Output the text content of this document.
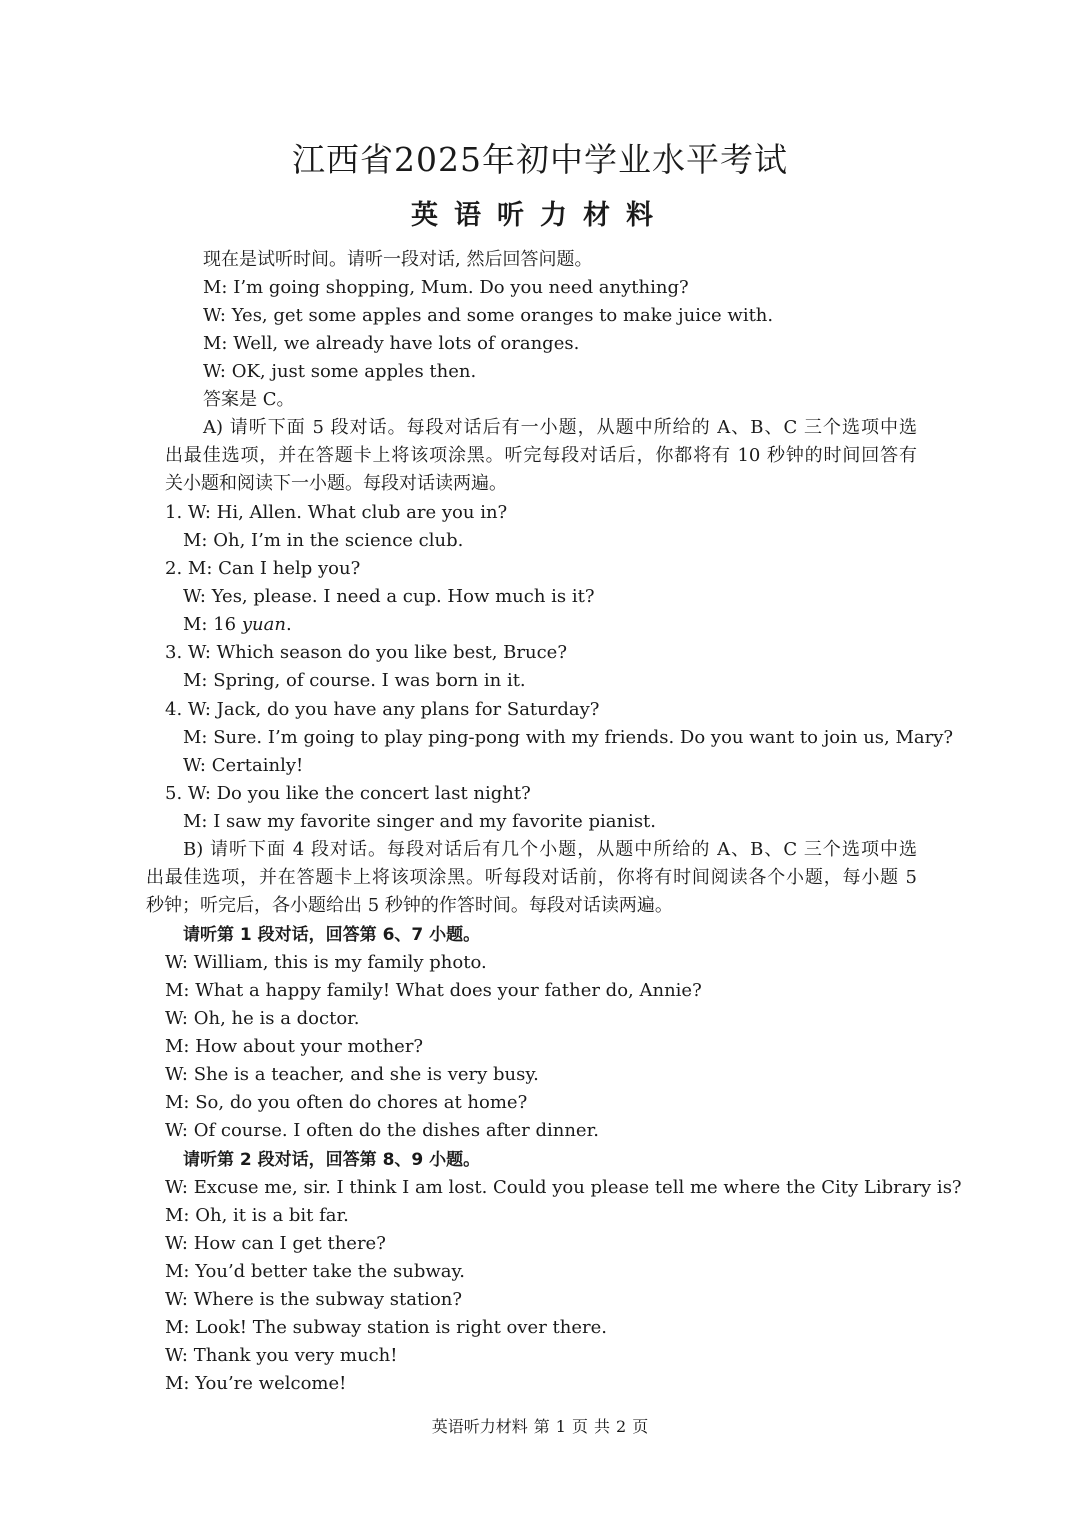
江西省2025年初中学业水平考试
英语听力材料
现在是试听时间。请听一段对话, 然后回答问题。
M: I’m going shopping, Mum. Do you need anything?
W: Yes, get some apples and some oranges to make juice with.
M: Well, we already have lots of oranges.
W: OK, just some apples then.
答案是 C。
A) 请听下面 5 段对话。每段对话后有一小题，从题中所给的 A、B、C 三个选项中选
出最佳选项，并在答题卡上将该项涂黑。听完每段对话后，你都将有 10 秒钟的时间回答有
关小题和阅读下一小题。每段对话读两遍。
1. W: Hi, Allen. What club are you in?
M: Oh, I’m in the science club.
2. M: Can I help you?
W: Yes, please. I need a cup. How much is it?
M: 16 yuan.
3. W: Which season do you like best, Bruce?
M: Spring, of course. I was born in it.
4. W: Jack, do you have any plans for Saturday?
M: Sure. I’m going to play ping-pong with my friends. Do you want to join us, Mary?
W: Certainly!
5. W: Do you like the concert last night?
M: I saw my favorite singer and my favorite pianist.
B) 请听下面 4 段对话。每段对话后有几个小题，从题中所给的 A、B、C 三个选项中选
出最佳选项，并在答题卡上将该项涂黑。听每段对话前，你将有时间阅读各个小题，每小题 5
秒钟；听完后，各小题给出 5 秒钟的作答时间。每段对话读两遍。
请听第 1 段对话，回答第 6、7 小题。
W: William, this is my family photo.
M: What a happy family! What does your father do, Annie?
W: Oh, he is a doctor.
M: How about your mother?
W: She is a teacher, and she is very busy.
M: So, do you often do chores at home?
W: Of course. I often do the dishes after dinner.
请听第 2 段对话，回答第 8、9 小题。
W: Excuse me, sir. I think I am lost. Could you please tell me where the City Library is?
M: Oh, it is a bit far.
W: How can I get there?
M: You’d better take the subway.
W: Where is the subway station?
M: Look! The subway station is right over there.
W: Thank you very much!
M: You’re welcome!
英语听力材料 第 1 页 共 2 页
